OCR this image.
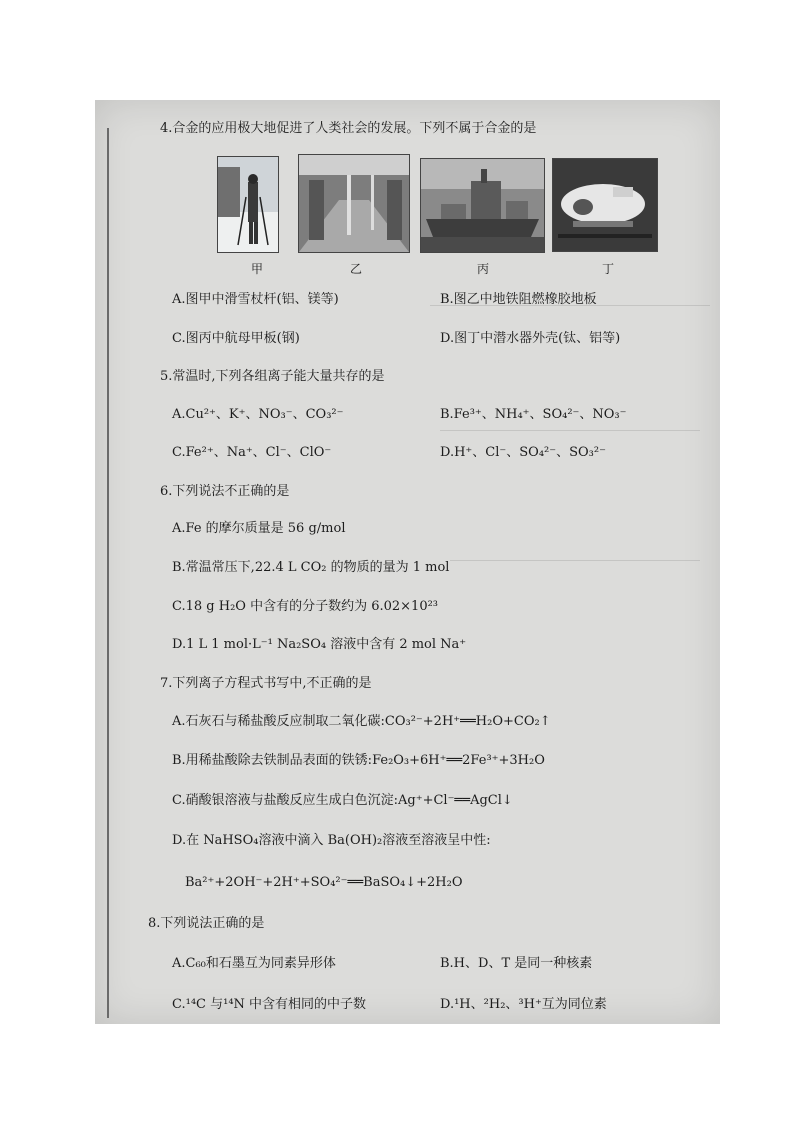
4.合金的应用极大地促进了人类社会的发展。下列不属于合金的是
甲	乙	丙	丁
A.图甲中滑雪杖杆(铝、镁等)	B.图乙中地铁阻燃橡胶地板
C.图丙中航母甲板(钢)	D.图丁中潜水器外壳(钛、铝等)
5.常温时,下列各组离子能大量共存的是
A.Cu²⁺、K⁺、NO₃⁻、CO₃²⁻	B.Fe³⁺、NH₄⁺、SO₄²⁻、NO₃⁻
C.Fe²⁺、Na⁺、Cl⁻、ClO⁻	D.H⁺、Cl⁻、SO₄²⁻、SO₃²⁻
6.下列说法不正确的是
A.Fe 的摩尔质量是 56 g/mol
B.常温常压下,22.4 L CO₂ 的物质的量为 1 mol
C.18 g H₂O 中含有的分子数约为 6.02×10²³
D.1 L 1 mol·L⁻¹ Na₂SO₄ 溶液中含有 2 mol Na⁺
7.下列离子方程式书写中,不正确的是
A.石灰石与稀盐酸反应制取二氧化碳:CO₃²⁻+2H⁺══H₂O+CO₂↑
B.用稀盐酸除去铁制品表面的铁锈:Fe₂O₃+6H⁺══2Fe³⁺+3H₂O
C.硝酸银溶液与盐酸反应生成白色沉淀:Ag⁺+Cl⁻══AgCl↓
D.在 NaHSO₄溶液中滴入 Ba(OH)₂溶液至溶液呈中性:
Ba²⁺+2OH⁻+2H⁺+SO₄²⁻══BaSO₄↓+2H₂O
8.下列说法正确的是
A.C₆₀和石墨互为同素异形体	B.H、D、T 是同一种核素
C.¹⁴C 与¹⁴N 中含有相同的中子数	D.¹H、²H₂、³H⁺互为同位素
